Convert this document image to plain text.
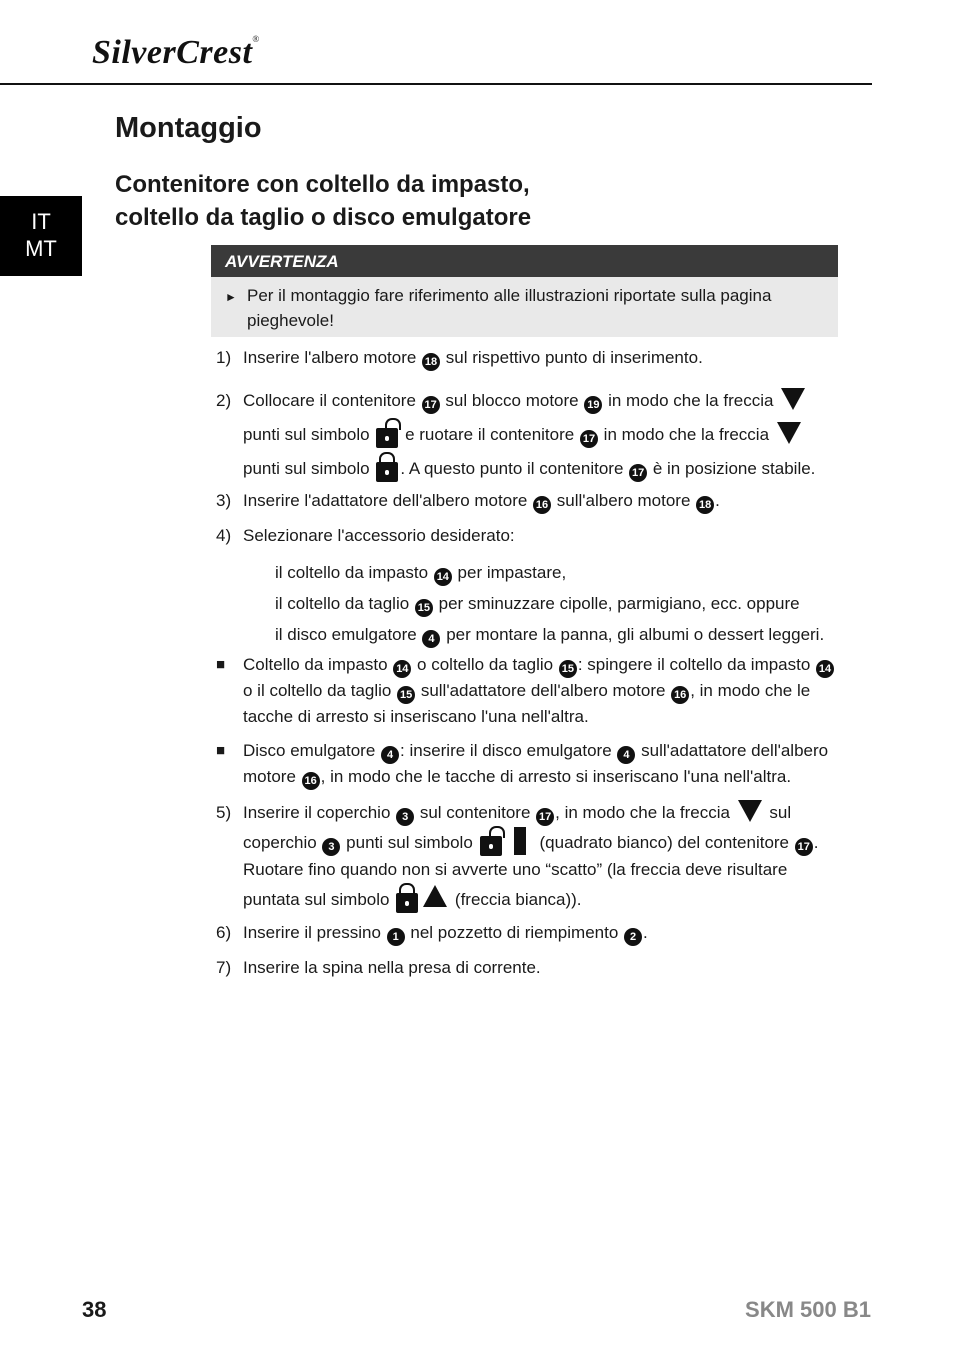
SilverCrest®
IT
MT
Montaggio
Contenitore con coltello da impasto,
coltello da taglio o disco emulgatore
AVVERTENZA
► Per il montaggio fare riferimento alle illustrazioni riportate sulla pagina pieghevole!
1) Inserire l'albero motore 18 sul rispettivo punto di inserimento.
2) Collocare il contenitore 17 sul blocco motore 19 in modo che la freccia  punti sul simbolo
e ruotare il contenitore 17 in modo che la freccia  punti sul simbolo
. A questo punto il contenitore 17 è in posizione stabile.
3) Inserire l'adattatore dell'albero motore 16 sull'albero motore 18 .
4) Selezionare l'accessorio desiderato:
il coltello da impasto 14 per impastare,
il coltello da taglio 15 per sminuzzare cipolle, parmigiano, ecc. oppure
il disco emulgatore 4 per montare la panna, gli albumi o dessert leggeri.
■	Coltello da impasto 14 o coltello da taglio 15 : spingere il coltello da impasto 14 o il coltello da taglio 15 sull'adattatore dell'albero motore 16 , in modo che le tacche di arresto si inseriscano l'una nell'altra.
■	Disco emulgatore 4 : inserire il disco emulgatore 4 sull'adattatore dell'albero motore 16 , in modo che le tacche di arresto si inseriscano l'una nell'altra.
5) Inserire il coperchio 3 sul contenitore 17 , in modo che la freccia  sul coperchio 3 punti sul simbolo	(quadrato bianco) del contenitore 17 . Ruotare fino quando non si avverte uno “scatto” (la freccia deve risultare puntata sul simbolo	(freccia bianca)).
6) Inserire il pressino 1 nel pozzetto di riempimento 2 .
7) Inserire la spina nella presa di corrente.
38	SKM 500 B1
